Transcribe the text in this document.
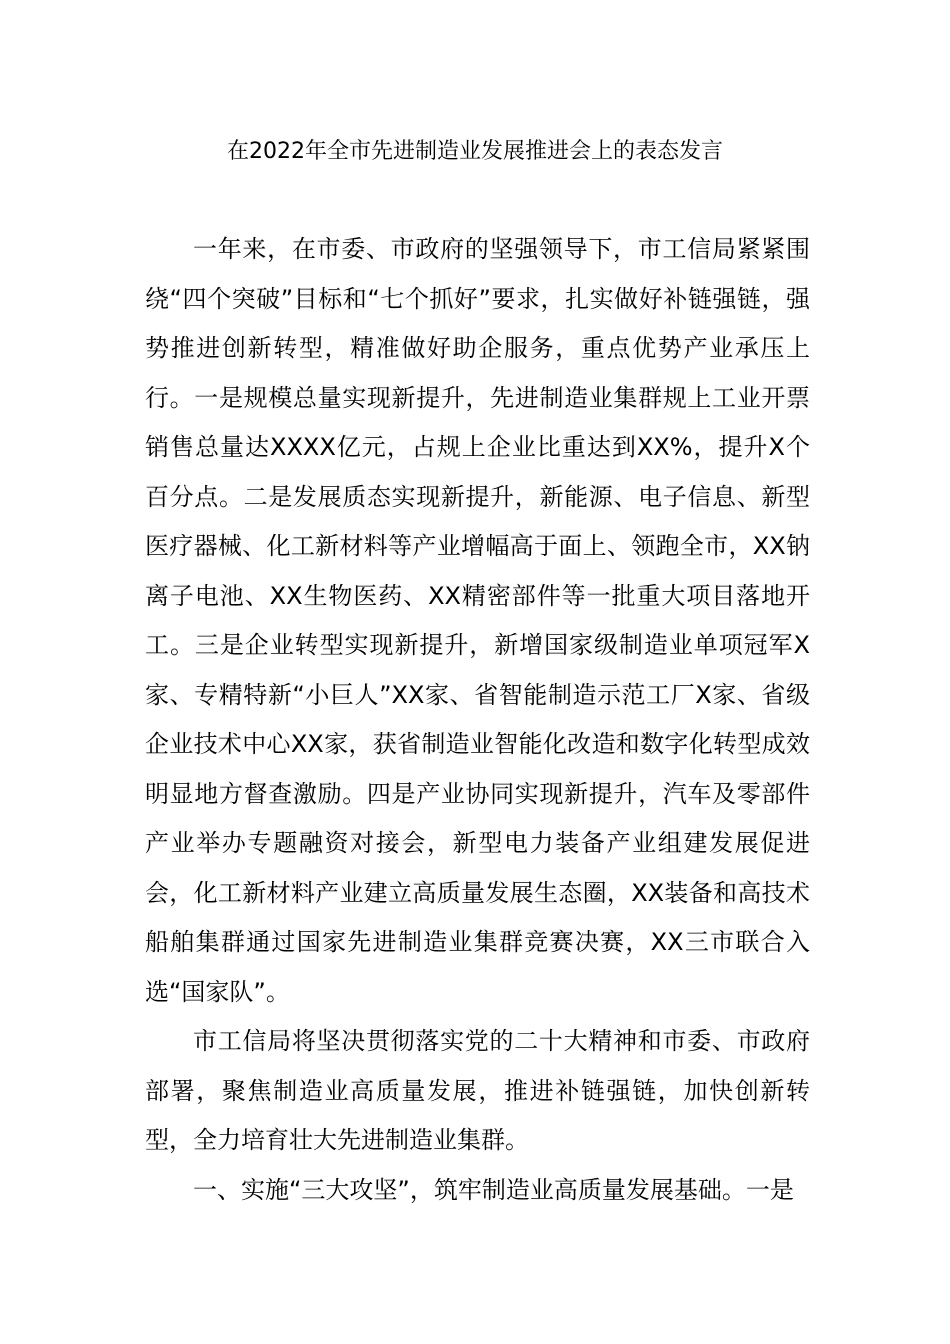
在2022年全市先进制造业发展推进会上的表态发言

一年来，在市委、市政府的坚强领导下，市工信局紧紧围绕“四个突破”目标和“七个抓好”要求，扎实做好补链强链，强势推进创新转型，精准做好助企服务，重点优势产业承压上行。一是规模总量实现新提升，先进制造业集群规上工业开票销售总量达XXXX亿元，占规上企业比重达到XX%，提升X个百分点。二是发展质态实现新提升，新能源、电子信息、新型医疗器械、化工新材料等产业增幅高于面上、领跑全市，XX钠离子电池、XX生物医药、XX精密部件等一批重大项目落地开工。三是企业转型实现新提升，新增国家级制造业单项冠军X家、专精特新“小巨人”XX家、省智能制造示范工厂X家、省级企业技术中心XX家，获省制造业智能化改造和数字化转型成效明显地方督查激励。四是产业协同实现新提升，汽车及零部件产业举办专题融资对接会，新型电力装备产业组建发展促进会，化工新材料产业建立高质量发展生态圈，XX装备和高技术船舶集群通过国家先进制造业集群竞赛决赛，XX三市联合入选“国家队”。

市工信局将坚决贯彻落实党的二十大精神和市委、市政府部署，聚焦制造业高质量发展，推进补链强链，加快创新转型，全力培育壮大先进制造业集群。

一、实施“三大攻坚”，筑牢制造业高质量发展基础。一是
